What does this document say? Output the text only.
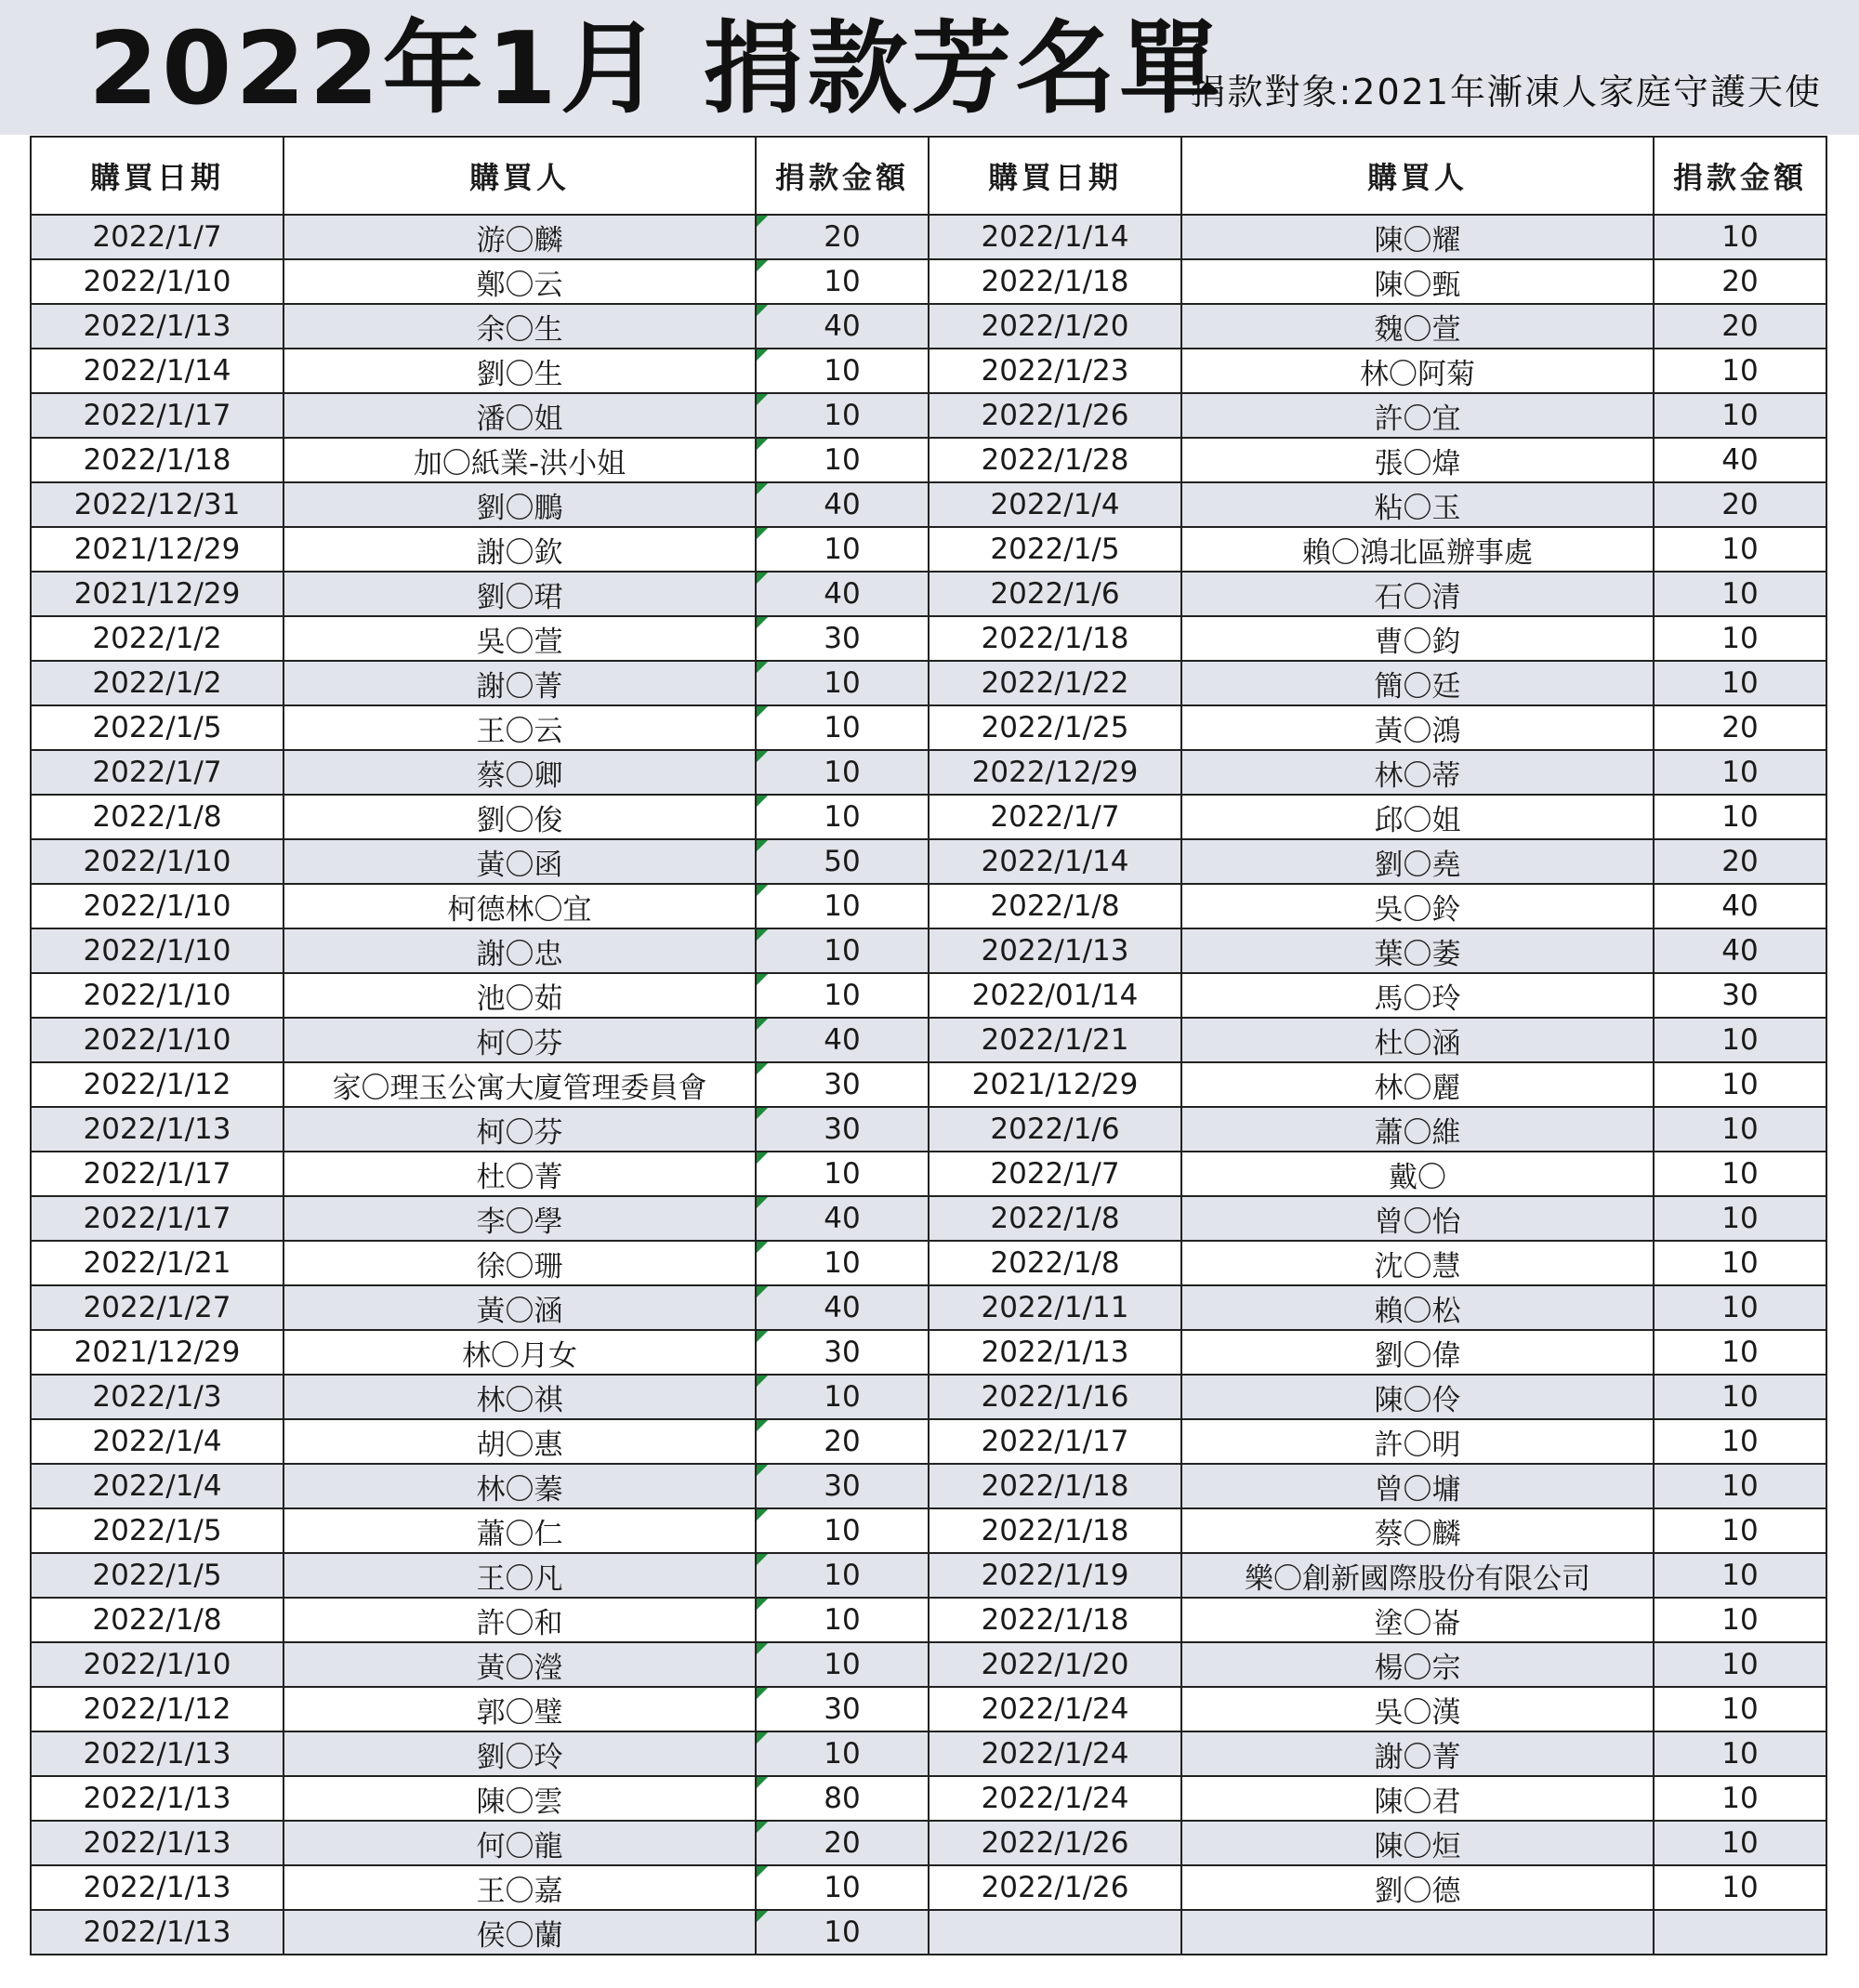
2022年1月 捐款芳名單
捐款對象:2021年漸凍人家庭守護天使
購買日期	購買人	捐款金額	購買日期	購買人	捐款金額
2022/1/7	游〇麟	20	2022/1/14	陳〇耀	10
2022/1/10	鄭〇云	10	2022/1/18	陳〇甄	20
2022/1/13	余〇生	40	2022/1/20	魏〇萱	20
2022/1/14	劉〇生	10	2022/1/23	林〇阿菊	10
2022/1/17	潘〇姐	10	2022/1/26	許〇宜	10
2022/1/18	加〇紙業-洪小姐	10	2022/1/28	張〇煒	40
2022/12/31	劉〇鵬	40	2022/1/4	粘〇玉	20
2021/12/29	謝〇欽	10	2022/1/5	賴〇鴻北區辦事處	10
2021/12/29	劉〇珺	40	2022/1/6	石〇清	10
2022/1/2	吳〇萱	30	2022/1/18	曹〇鈞	10
2022/1/2	謝〇菁	10	2022/1/22	簡〇廷	10
2022/1/5	王〇云	10	2022/1/25	黃〇鴻	20
2022/1/7	蔡〇卿	10	2022/12/29	林〇蒂	10
2022/1/8	劉〇俊	10	2022/1/7	邱〇姐	10
2022/1/10	黃〇函	50	2022/1/14	劉〇堯	20
2022/1/10	柯德林〇宜	10	2022/1/8	吳〇鈴	40
2022/1/10	謝〇忠	10	2022/1/13	葉〇萎	40
2022/1/10	池〇茹	10	2022/01/14	馬〇玲	30
2022/1/10	柯〇芬	40	2022/1/21	杜〇涵	10
2022/1/12	家〇理玉公寓大廈管理委員會	30	2021/12/29	林〇麗	10
2022/1/13	柯〇芬	30	2022/1/6	蕭〇維	10
2022/1/17	杜〇菁	10	2022/1/7	戴〇	10
2022/1/17	李〇學	40	2022/1/8	曾〇怡	10
2022/1/21	徐〇珊	10	2022/1/8	沈〇慧	10
2022/1/27	黃〇涵	40	2022/1/11	賴〇松	10
2021/12/29	林〇月女	30	2022/1/13	劉〇偉	10
2022/1/3	林〇祺	10	2022/1/16	陳〇伶	10
2022/1/4	胡〇惠	20	2022/1/17	許〇明	10
2022/1/4	林〇蓁	30	2022/1/18	曾〇墉	10
2022/1/5	蕭〇仁	10	2022/1/18	蔡〇麟	10
2022/1/5	王〇凡	10	2022/1/19	樂〇創新國際股份有限公司	10
2022/1/8	許〇和	10	2022/1/18	塗〇崙	10
2022/1/10	黃〇瀅	10	2022/1/20	楊〇宗	10
2022/1/12	郭〇璧	30	2022/1/24	吳〇漢	10
2022/1/13	劉〇玲	10	2022/1/24	謝〇菁	10
2022/1/13	陳〇雲	80	2022/1/24	陳〇君	10
2022/1/13	何〇龍	20	2022/1/26	陳〇烜	10
2022/1/13	王〇嘉	10	2022/1/26	劉〇德	10
2022/1/13	侯〇蘭	10			
